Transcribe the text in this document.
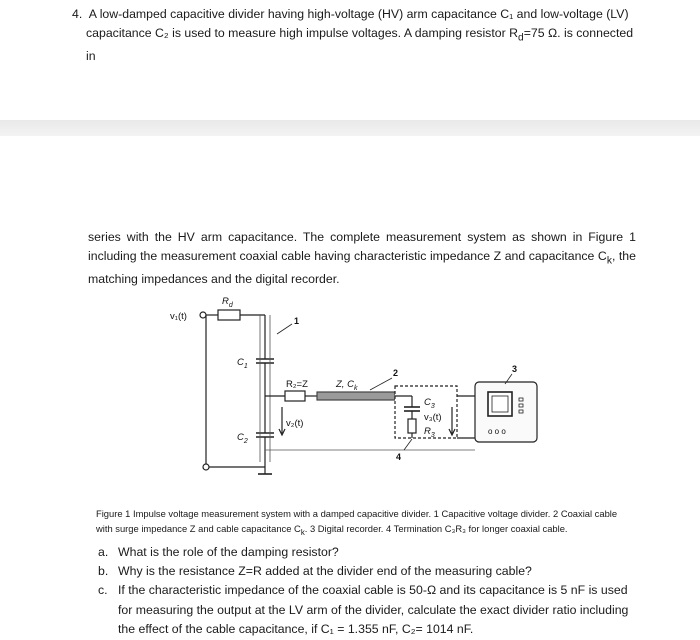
4. A low-damped capacitive divider having high-voltage (HV) arm capacitance C₁ and low-voltage (LV)
capacitance C₂ is used to measure high impulse voltages. A damping resistor $R_d=75$ Ω. is connected in
series with the HV arm capacitance. The complete measurement system as shown in Figure 1 including the measurement coaxial cable having characteristic impedance Z and capacitance $C_k$, the matching impedances and the digital recorder.
v₁(t)
$R_d$
$C_1$
$C_2$
R₂=Z	Z, $C_k$
v₂(t)
$C_3$
v₃(t)
$R_3$
1
2	3
4
o o o
Figure 1 Impulse voltage measurement system with a damped capacitive divider. 1 Capacitive voltage divider. 2 Coaxial cable with surge impedance Z and cable capacitance $C_k$. 3 Digital recorder. 4 Termination C₃R₃ for longer coaxial cable.
a. What is the role of the damping resistor?
b. Why is the resistance Z=R added at the divider end of the measuring cable?
c. If the characteristic impedance of the coaxial cable is 50-Ω and its capacitance is 5 nF is used for measuring the output at the LV arm of the divider, calculate the exact divider ratio including the effect of the cable capacitance, if C₁ = 1.355 nF, C₂= 1014 nF.
